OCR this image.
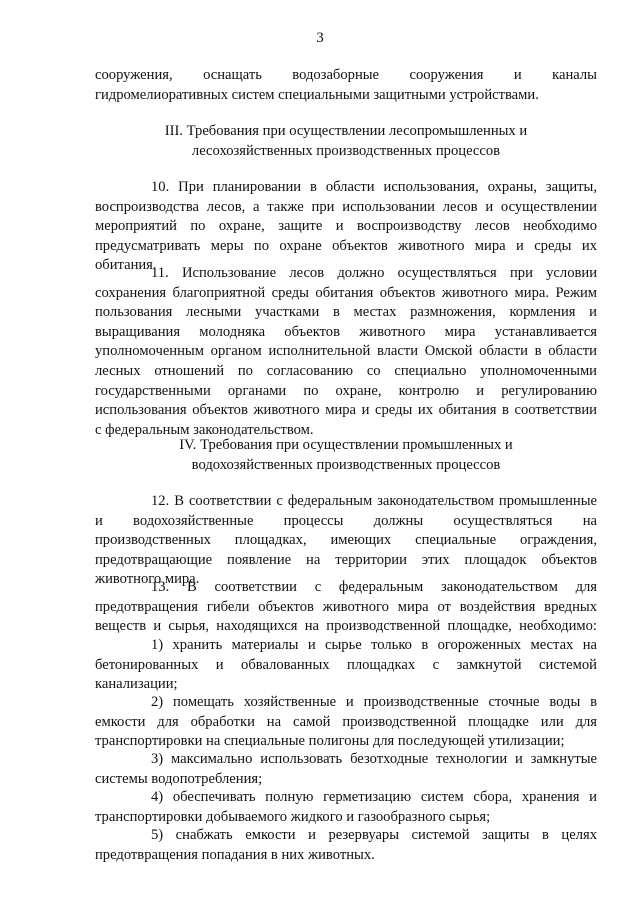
3
сооружения, оснащать водозаборные сооружения и каналы
гидромелиоративных систем специальными защитными устройствами.
III. Требования при осуществлении лесопромышленных и
лесохозяйственных производственных процессов
10. При планировании в области использования, охраны, защиты,
воспроизводства лесов, а также при использовании лесов и осуществлении
мероприятий по охране, защите и воспроизводству лесов необходимо
предусматривать меры по охране объектов животного мира и среды их
обитания.
11. Использование лесов должно осуществляться при условии
сохранения благоприятной среды обитания объектов животного мира. Режим
пользования лесными участками в местах размножения, кормления и
выращивания молодняка объектов животного мира устанавливается
уполномоченным органом исполнительной власти Омской области в области
лесных отношений по согласованию со специально уполномоченными
государственными органами по охране, контролю и регулированию
использования объектов животного мира и среды их обитания в соответствии
с федеральным законодательством.
IV. Требования при осуществлении промышленных и
водохозяйственных производственных процессов
12. В соответствии с федеральным законодательством промышленные
и водохозяйственные процессы должны осуществляться на
производственных площадках, имеющих специальные ограждения,
предотвращающие появление на территории этих площадок объектов
животного мира.
13. В соответствии с федеральным законодательством для
предотвращения гибели объектов животного мира от воздействия вредных
веществ и сырья, находящихся на производственной площадке, необходимо:
1) хранить материалы и сырье только в огороженных местах на
бетонированных и обвалованных площадках с замкнутой системой
канализации;
2) помещать хозяйственные и производственные сточные воды в
емкости для обработки на самой производственной площадке или для
транспортировки на специальные полигоны для последующей утилизации;
3) максимально использовать безотходные технологии и замкнутые
системы водопотребления;
4) обеспечивать полную герметизацию систем сбора, хранения и
транспортировки добываемого жидкого и газообразного сырья;
5) снабжать емкости и резервуары системой защиты в целях
предотвращения попадания в них животных.
